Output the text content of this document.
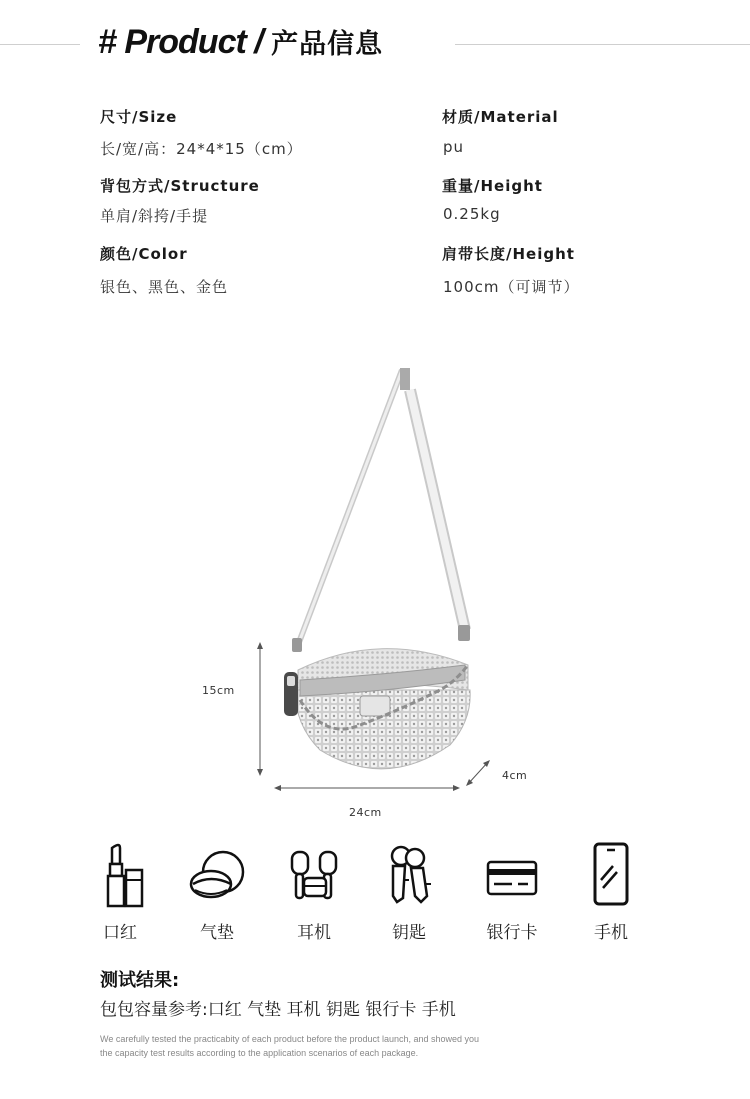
# Product / 产品信息
尺寸/Size
长/宽/高：24*4*15（cm）
材质/Material
pu
背包方式/Structure
单肩/斜挎/手提
重量/Height
0.25kg
颜色/Color
银色、黑色、金色
肩带长度/Height
100cm（可调节）
15cm
4cm
24cm
口红	气垫	耳机	钥匙	银行卡	手机
测试结果:
包包容量参考:口红 气垫 耳机 钥匙 银行卡 手机
We carefully tested the practicabity of each product before the product launch, and showed you
the capacity test results according to the application scenarios of each package.
